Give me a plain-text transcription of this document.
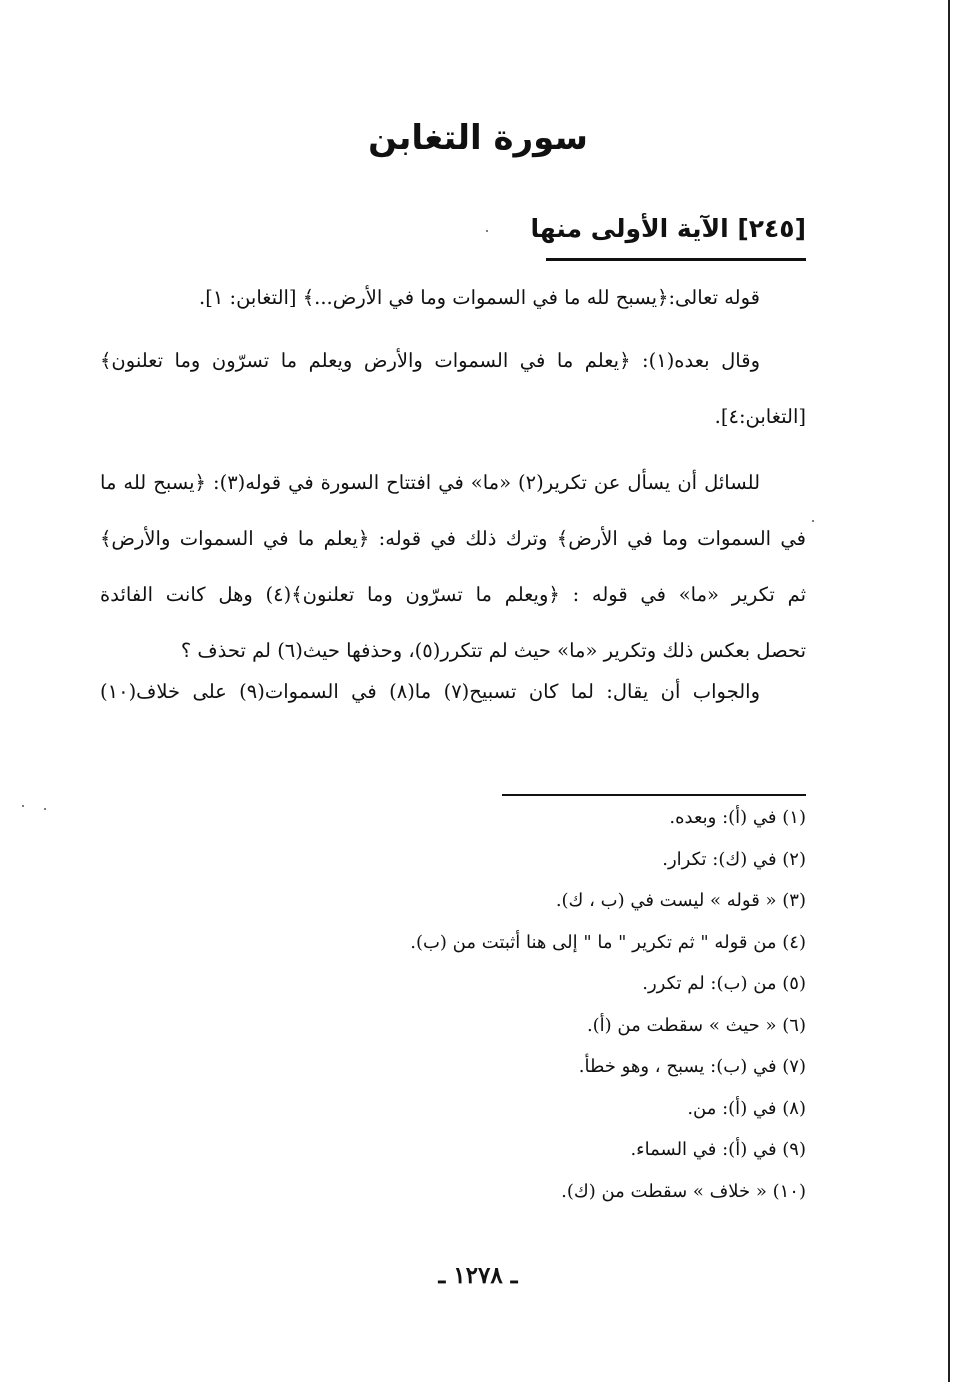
سورة التغابن
[٢٤٥] الآية الأولى منها
قوله تعالى:﴿يسبح لله ما في السموات وما في الأرض...﴾ [التغابن: ١].
وقال بعده(١): ﴿يعلم ما في السموات والأرض ويعلم ما تسرّون وما تعلنون﴾
[التغابن:٤].
للسائل أن يسأل عن تكرير(٢) «ما» في افتتاح السورة في قوله(٣): ﴿يسبح لله ما
في السموات وما في الأرض﴾ وترك ذلك في قوله: ﴿يعلم ما في السموات والأرض﴾
ثم تكرير «ما» في قوله : ﴿ويعلم ما تسرّون وما تعلنون﴾(٤) وهل كانت الفائدة
تحصل بعكس ذلك وتكرير «ما» حيث لم تتكرر(٥)، وحذفها حيث(٦) لم تحذف ؟
والجواب أن يقال: لما كان تسبيح(٧) ما(٨) في السموات(٩) على خلاف(١٠)
(١) في (أ): وبعده.
(٢) في (ك): تكرار.
(٣) « قوله » ليست في (ب ، ك).
(٤) من قوله " ثم تكرير " ما " إلى هنا أثبتت من (ب).
(٥) من (ب): لم تكرر.
(٦) « حيث » سقطت من (أ).
(٧) في (ب): يسبح ، وهو خطأ.
(٨) في (أ): من.
(٩) في (أ): في السماء.
(١٠) « خلاف » سقطت من (ك).
ـ ١٢٧٨ ـ
